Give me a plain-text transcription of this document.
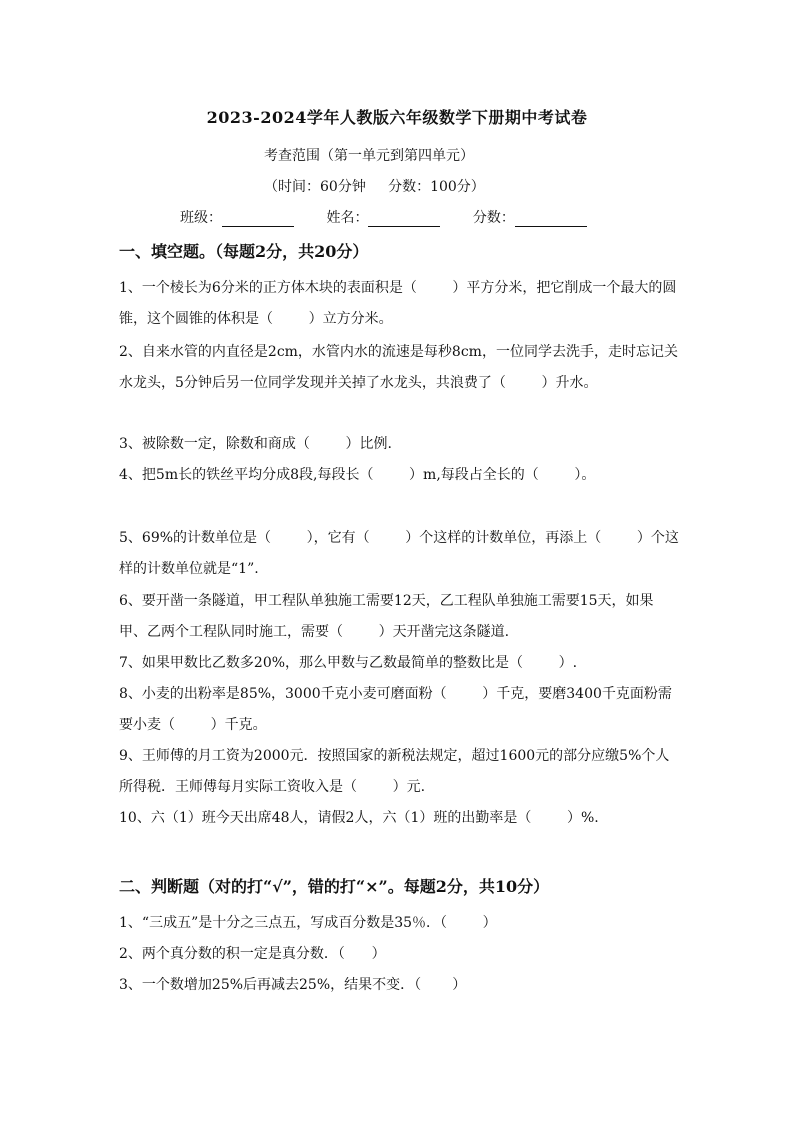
2023-2024学年人教版六年级数学下册期中考试卷
考查范围（第一单元到第四单元）
（时间：60分钟     分数：100分）
班级：	姓名：	分数：
一、填空题。（每题2分，共20分）
1、一个棱长为6分米的正方体木块的表面积是（        ）平方分米，把它削成一个最大的圆锥，这个圆锥的体积是（        ）立方分米。
2、自来水管的内直径是2cm，水管内水的流速是每秒8cm，一位同学去洗手，走时忘记关水龙头，5分钟后另一位同学发现并关掉了水龙头，共浪费了（        ）升水。
3、被除数一定，除数和商成（        ）比例.
4、把5m长的铁丝平均分成8段,每段长（        ）m,每段占全长的（        ）。
5、69%的计数单位是（        ），它有（        ）个这样的计数单位，再添上（        ）个这样的计数单位就是“1”.
6、要开凿一条隧道，甲工程队单独施工需要12天，乙工程队单独施工需要15天，如果甲、乙两个工程队同时施工，需要（        ）天开凿完这条隧道.
7、如果甲数比乙数多20%，那么甲数与乙数最简单的整数比是（        ）.
8、小麦的出粉率是85%，3000千克小麦可磨面粉（        ）千克，要磨3400千克面粉需要小麦（        ）千克。
9、王师傅的月工资为2000元．按照国家的新税法规定，超过1600元的部分应缴5%个人所得税．王师傅每月实际工资收入是（        ）元.
10、六（1）班今天出席48人，请假2人，六（1）班的出勤率是（        ）%.
二、判断题（对的打“√”，错的打“×”。每题2分，共10分）
1、“三成五”是十分之三点五，写成百分数是35％．（        ）
2、两个真分数的积一定是真分数．（      ）
3、一个数增加25%后再减去25%，结果不变．（       ）
